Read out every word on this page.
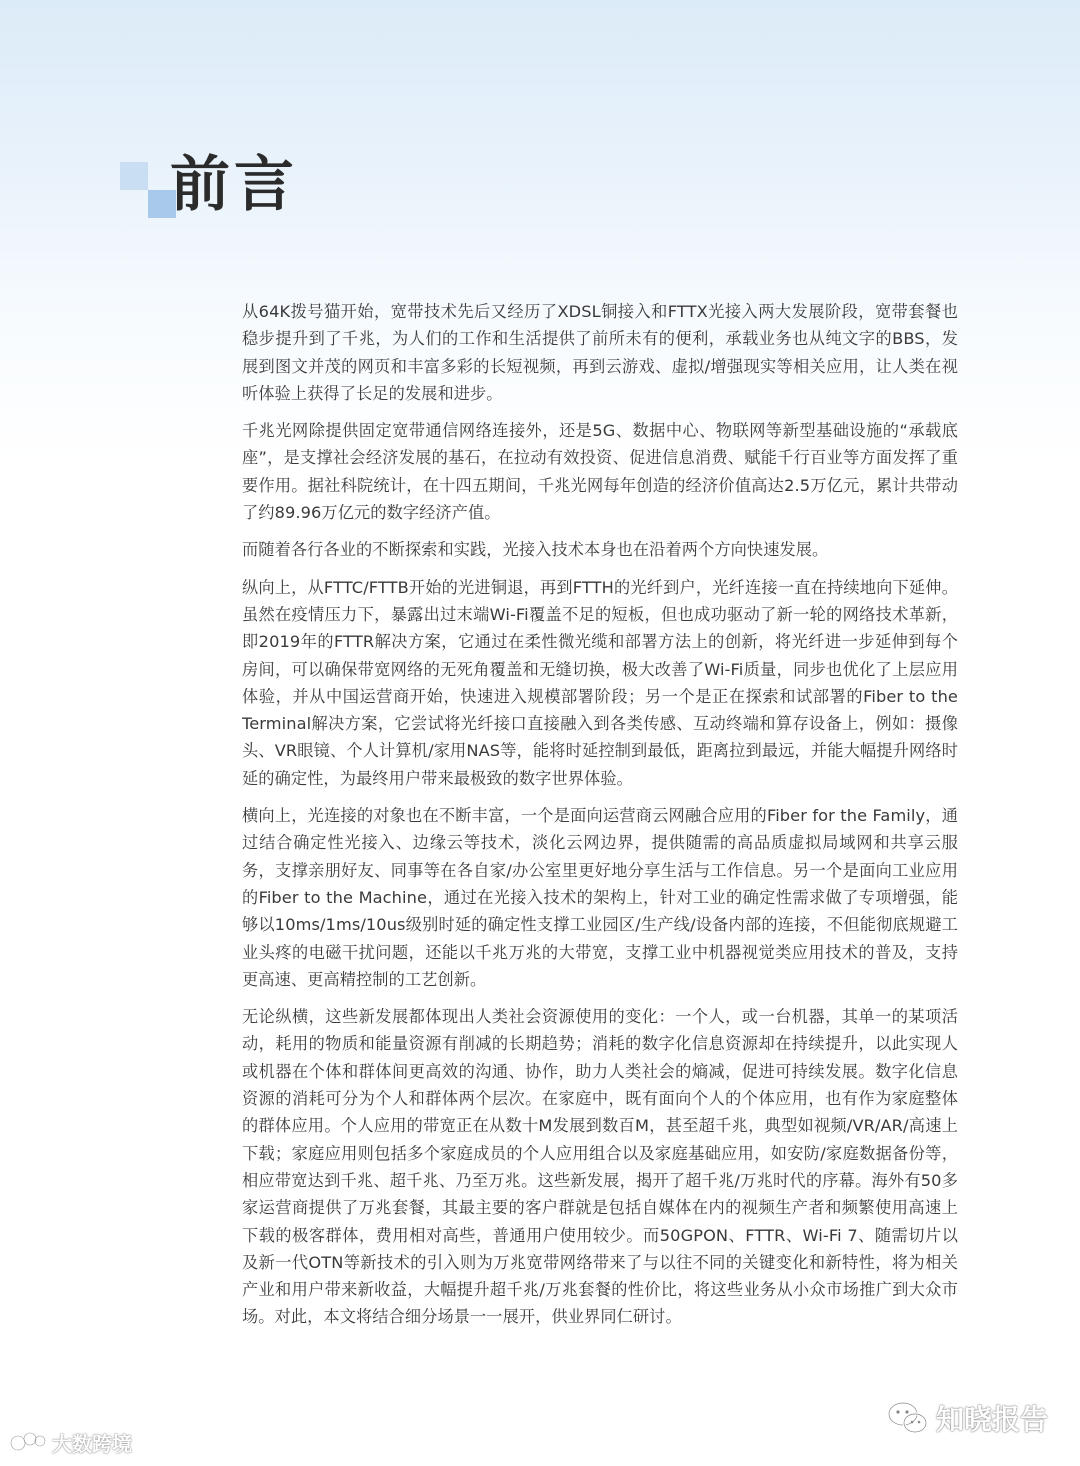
前言

从64K拨号猫开始，宽带技术先后又经历了XDSL铜接入和FTTX光接入两大发展阶段，宽带套餐也稳步提升到了千兆，为人们的工作和生活提供了前所未有的便利，承载业务也从纯文字的BBS，发展到图文并茂的网页和丰富多彩的长短视频，再到云游戏、虚拟/增强现实等相关应用，让人类在视听体验上获得了长足的发展和进步。

千兆光网除提供固定宽带通信网络连接外，还是5G、数据中心、物联网等新型基础设施的“承载底座”，是支撑社会经济发展的基石，在拉动有效投资、促进信息消费、赋能千行百业等方面发挥了重要作用。据社科院统计，在十四五期间，千兆光网每年创造的经济价值高达2.5万亿元，累计共带动了约89.96万亿元的数字经济产值。

而随着各行各业的不断探索和实践，光接入技术本身也在沿着两个方向快速发展。

纵向上，从FTTC/FTTB开始的光进铜退，再到FTTH的光纤到户，光纤连接一直在持续地向下延伸。虽然在疫情压力下，暴露出过末端Wi-Fi覆盖不足的短板，但也成功驱动了新一轮的网络技术革新，即2019年的FTTR解决方案，它通过在柔性微光缆和部署方法上的创新，将光纤进一步延伸到每个房间，可以确保带宽网络的无死角覆盖和无缝切换，极大改善了Wi-Fi质量，同步也优化了上层应用体验，并从中国运营商开始，快速进入规模部署阶段；另一个是正在探索和试部署的Fiber to the Terminal解决方案，它尝试将光纤接口直接融入到各类传感、互动终端和算存设备上，例如：摄像头、VR眼镜、个人计算机/家用NAS等，能将时延控制到最低，距离拉到最远，并能大幅提升网络时延的确定性，为最终用户带来最极致的数字世界体验。

横向上，光连接的对象也在不断丰富，一个是面向运营商云网融合应用的Fiber for the Family，通过结合确定性光接入、边缘云等技术，淡化云网边界，提供随需的高品质虚拟局域网和共享云服务，支撑亲朋好友、同事等在各自家/办公室里更好地分享生活与工作信息。另一个是面向工业应用的Fiber to the Machine，通过在光接入技术的架构上，针对工业的确定性需求做了专项增强，能够以10ms/1ms/10us级别时延的确定性支撑工业园区/生产线/设备内部的连接，不但能彻底规避工业头疼的电磁干扰问题，还能以千兆万兆的大带宽，支撑工业中机器视觉类应用技术的普及，支持更高速、更高精控制的工艺创新。

无论纵横，这些新发展都体现出人类社会资源使用的变化：一个人，或一台机器，其单一的某项活动，耗用的物质和能量资源有削减的长期趋势；消耗的数字化信息资源却在持续提升，以此实现人或机器在个体和群体间更高效的沟通、协作，助力人类社会的熵减，促进可持续发展。数字化信息资源的消耗可分为个人和群体两个层次。在家庭中，既有面向个人的个体应用，也有作为家庭整体的群体应用。个人应用的带宽正在从数十M发展到数百M，甚至超千兆，典型如视频/VR/AR/高速上下载；家庭应用则包括多个家庭成员的个人应用组合以及家庭基础应用，如安防/家庭数据备份等，相应带宽达到千兆、超千兆、乃至万兆。这些新发展，揭开了超千兆/万兆时代的序幕。海外有50多家运营商提供了万兆套餐，其最主要的客户群就是包括自媒体在内的视频生产者和频繁使用高速上下载的极客群体，费用相对高些，普通用户使用较少。而50GPON、FTTR、Wi-Fi 7、随需切片以及新一代OTN等新技术的引入则为万兆宽带网络带来了与以往不同的关键变化和新特性，将为相关产业和用户带来新收益，大幅提升超千兆/万兆套餐的性价比，将这些业务从小众市场推广到大众市场。对此，本文将结合细分场景一一展开，供业界同仁研讨。

大数跨境
知晓报告
